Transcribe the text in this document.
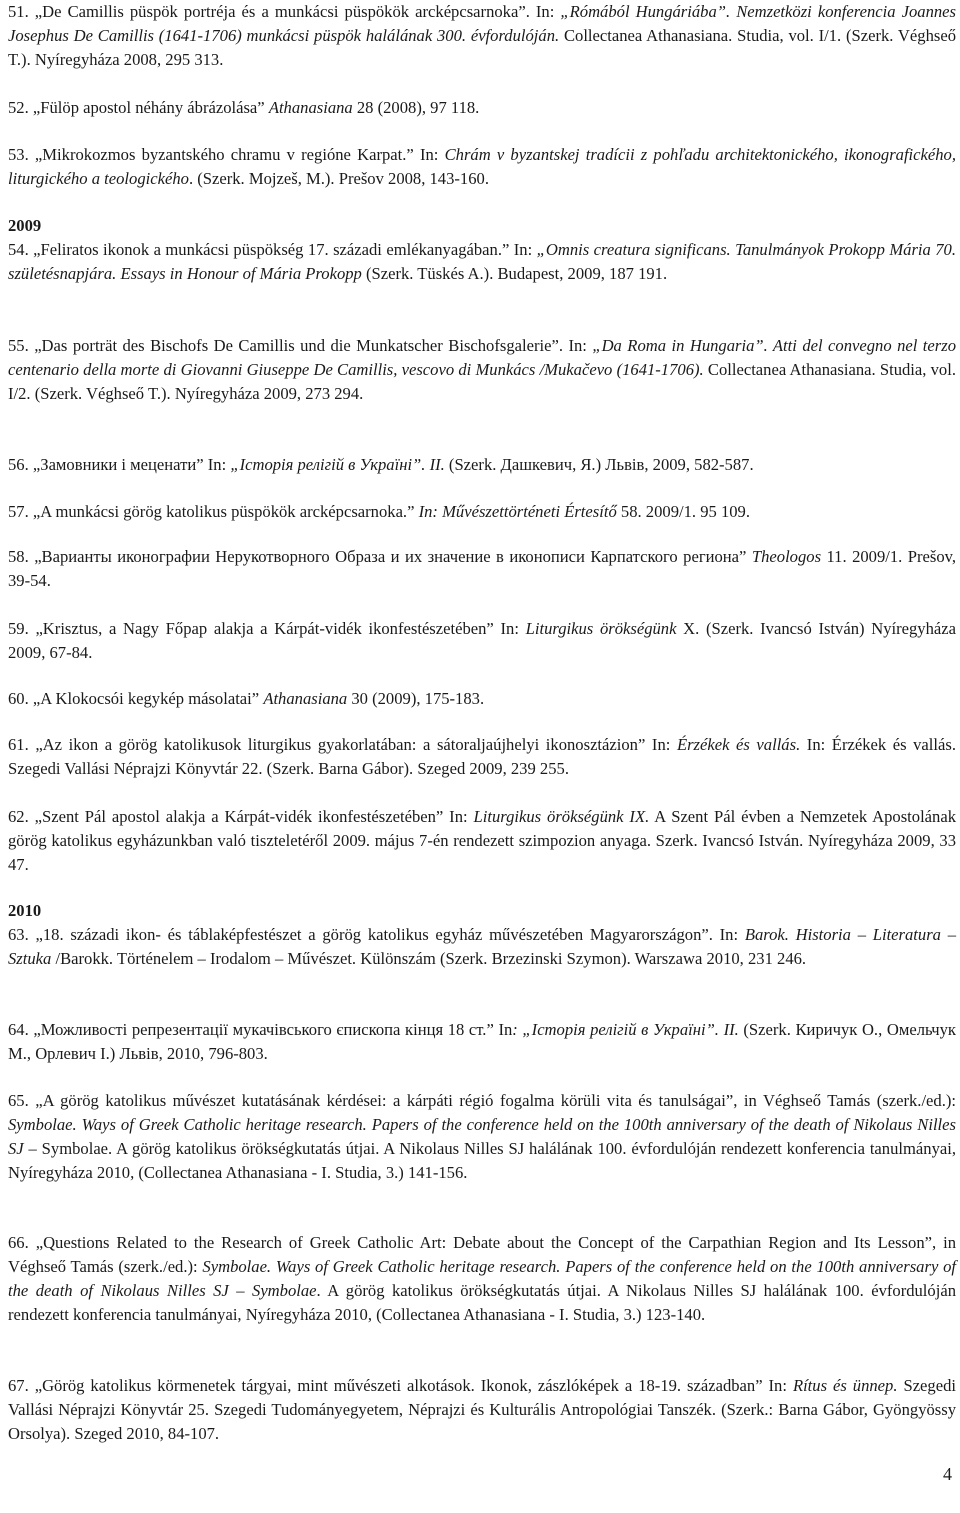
51. „De Camillis püspök portréja és a munkácsi püspökök arcképcsarnoka”. In: „Rómából Hungáriába”. Nemzetközi konferencia Joannes Josephus De Camillis (1641-1706) munkácsi püspök halálának 300. évfordulóján. Collectanea Athanasiana. Studia, vol. I/1. (Szerk. Véghseő T.). Nyíregyháza 2008, 295 313.
52. „Fülöp apostol néhány ábrázolása” Athanasiana 28 (2008), 97 118.
53. „Mikrokozmos byzantského chramu v regióne Karpat.” In: Chrám v byzantskej tradícii z pohľadu architektonického, ikonografického, liturgického a teologického. (Szerk. Mojzeš, M.). Prešov 2008, 143-160.
2009
54. „Feliratos ikonok a munkácsi püspökség 17. századi emlékanyagában.” In: „Omnis creatura significans. Tanulmányok Prokopp Mária 70. születésnapjára. Essays in Honour of Mária Prokopp (Szerk. Tüskés A.). Budapest, 2009, 187 191.
55. „Das porträt des Bischofs De Camillis und die Munkatscher Bischofsgalerie”. In: „Da Roma in Hungaria”. Atti del convegno nel terzo centenario della morte di Giovanni Giuseppe De Camillis, vescovo di Munkács /Mukačevo (1641-1706). Collectanea Athanasiana. Studia, vol. I/2. (Szerk. Véghseő T.). Nyíregyháza 2009, 273 294.
56. „Замовники і меценати” In: „Історія релігій в Україні”. II. (Szerk. Дашкевич, Я.) Львів, 2009, 582-587.
57. „A munkácsi görög katolikus püspökök arcképcsarnoka.” In: Művészettörténeti Értesítő 58. 2009/1. 95 109.
58. „Варианты иконографии Нерукотворного Образа и их значение в иконописи Карпатского региона” Theologos 11. 2009/1. Prešov, 39-54.
59. „Krisztus, a Nagy Főpap alakja a Kárpát-vidék ikonfestészetében” In: Liturgikus örökségünk X. (Szerk. Ivancsó István) Nyíregyháza 2009, 67-84.
60. „A Klokocsói kegykép másolatai” Athanasiana 30 (2009), 175-183.
61. „Az ikon a görög katolikusok liturgikus gyakorlatában: a sátoraljaújhelyi ikonosztázion” In: Érzékek és vallás. In: Érzékek és vallás. Szegedi Vallási Néprajzi Könyvtár 22. (Szerk. Barna Gábor). Szeged 2009, 239 255.
62. „Szent Pál apostol alakja a Kárpát-vidék ikonfestészetében” In: Liturgikus örökségünk IX. A Szent Pál évben a Nemzetek Apostolának görög katolikus egyházunkban való tiszteletéről 2009. május 7-én rendezett szimpozion anyaga. Szerk. Ivancsó István. Nyíregyháza 2009, 33 47.
2010
63. „18. századi ikon- és táblaképfestészet a görög katolikus egyház művészetében Magyarországon”. In: Barok. Historia – Literatura – Sztuka /Barokk. Történelem – Irodalom – Művészet. Különszám (Szerk. Brzezinski Szymon). Warszawa 2010, 231 246.
64. „Можливості репрезентації мукачівського єпископа кінця 18 ст.” In: „Історія релігій в Україні”. II. (Szerk. Киричук О., Омельчук М., Орлевич І.) Львів, 2010, 796-803.
65. „A görög katolikus művészet kutatásának kérdései: a kárpáti régió fogalma körüli vita és tanulságai”, in Véghseő Tamás (szerk./ed.): Symbolae. Ways of Greek Catholic heritage research. Papers of the conference held on the 100th anniversary of the death of Nikolaus Nilles SJ – Symbolae. A görög katolikus örökségkutatás útjai. A Nikolaus Nilles SJ halálának 100. évfordulóján rendezett konferencia tanulmányai, Nyíregyháza 2010, (Collectanea Athanasiana - I. Studia, 3.) 141-156.
66. „Questions Related to the Research of Greek Catholic Art: Debate about the Concept of the Carpathian Region and Its Lesson”, in Véghseő Tamás (szerk./ed.): Symbolae. Ways of Greek Catholic heritage research. Papers of the conference held on the 100th anniversary of the death of Nikolaus Nilles SJ – Symbolae. A görög katolikus örökségkutatás útjai. A Nikolaus Nilles SJ halálának 100. évfordulóján rendezett konferencia tanulmányai, Nyíregyháza 2010, (Collectanea Athanasiana - I. Studia, 3.) 123-140.
67. „Görög katolikus körmenetek tárgyai, mint művészeti alkotások. Ikonok, zászlóképek a 18-19. században” In: Rítus és ünnep. Szegedi Vallási Néprajzi Könyvtár 25. Szegedi Tudományegyetem, Néprajzi és Kulturális Antropológiai Tanszék. (Szerk.: Barna Gábor, Gyöngyössy Orsolya). Szeged 2010, 84-107.
4
